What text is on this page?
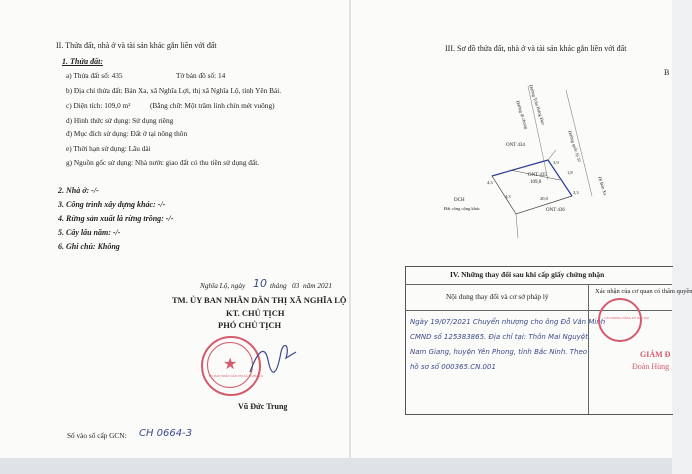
II. Thửa đất, nhà ở và tài sản khác gắn liền với đất
1. Thửa đất:
a) Thửa đất số: 435	Tờ bản đồ số: 14
b) Địa chỉ thửa đất: Bản Xa, xã Nghĩa Lợi, thị xã Nghĩa Lộ, tỉnh Yên Bái.
c) Diện tích: 109,0 m²	(Bằng chữ: Một trăm linh chín mét vuông)
d) Hình thức sử dụng: Sử dụng riêng
đ) Mục đích sử dụng: Đất ở tại nông thôn
e) Thời hạn sử dụng: Lâu dài
g) Nguồn gốc sử dụng: Nhà nước giao đất có thu tiền sử dụng đất.
2. Nhà ở: -/-
3. Công trình xây dựng khác: -/-
4. Rừng sản xuất là rừng trồng: -/-
5. Cây lâu năm: -/-
6. Ghi chú: Không
Nghĩa Lộ, ngày 10 tháng 03 năm 2021
TM. ỦY BAN NHÂN DÂN THỊ XÃ NGHĨA LỘ
KT. CHỦ TỊCH
PHÓ CHỦ TỊCH
★
ỦY BAN NHÂN DÂN THỊ XÃ NGHĨA LỘ
Vũ Đức Trung
Số vào sổ cấp GCN: CH 0664-3
III. Sơ đồ thửa đất, nhà ở và tài sản khác gắn liền với đất
B
Đường Trần Hưng Đạo
Đường đi chung
Đường quốc lộ 32
Đi Bản Xa
ONT 434
ONT 435
109,0
ONT 436
DCH
Đất công cộng khác
3,9
1,8
4,3
4,3	20,0
3,3
IV. Những thay đổi sau khi cấp giấy chứng nhận
Nội dung thay đổi và cơ sở pháp lý
Xác nhận của cơ quan có thẩm quyền
Ngày 19/07/2021 Chuyển nhượng cho ông Đỗ Văn Minh
CMND số 125383865. Địa chỉ tại: Thôn Mai Nguyệt,
Nam Giang, huyện Yên Phong, tỉnh Bắc Ninh. Theo
hồ sơ số 000365.CN.001
VĂN PHÒNG ĐĂNG KÝ ĐẤT ĐAI
GIÁM Đ
Đoàn Hùng
